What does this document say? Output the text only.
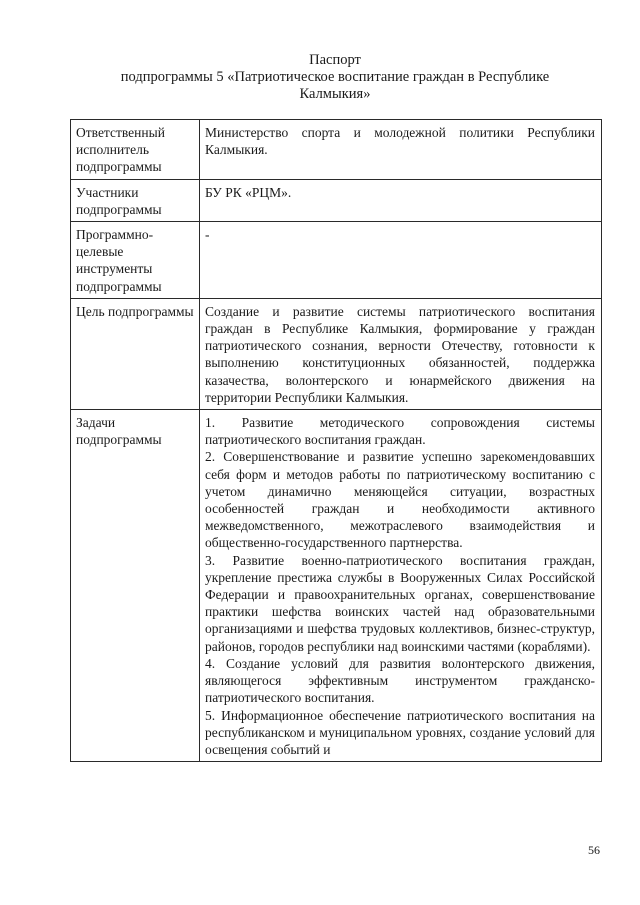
Паспорт
подпрограммы 5 «Патриотическое воспитание граждан в Республике
Калмыкия»
Ответственный исполнитель подпрограммы	Министерство спорта и молодежной политики Республики Калмыкия.
Участники подпрограммы	БУ РК «РЦМ».
Программно-целевые инструменты подпрограммы	-
Цель подпрограммы	Создание и развитие системы патриотического воспитания граждан в Республике Калмыкия, формирование у граждан патриотического сознания, верности Отечеству, готовности к выполнению конституционных обязанностей, поддержка казачества, волонтерского и юнармейского движения на территории Республики Калмыкия.
Задачи подпрограммы	1. Развитие методического сопровождения системы патриотического воспитания граждан.
2. Совершенствование и развитие успешно зарекомендовавших себя форм и методов работы по патриотическому воспитанию с учетом динамично меняющейся ситуации, возрастных особенностей граждан и необходимости активного межведомственного, межотраслевого взаимодействия и общественно-государственного партнерства.
3. Развитие военно-патриотического воспитания граждан, укрепление престижа службы в Вооруженных Силах Российской Федерации и правоохранительных органах, совершенствование практики шефства воинских частей над образовательными организациями и шефства трудовых коллективов, бизнес-структур, районов, городов республики над воинскими частями (кораблями).
4. Создание условий для развития волонтерского движения, являющегося эффективным инструментом гражданско-патриотического воспитания.
5. Информационное обеспечение патриотического воспитания на республиканском и муниципальном уровнях, создание условий для освещения событий и
56
